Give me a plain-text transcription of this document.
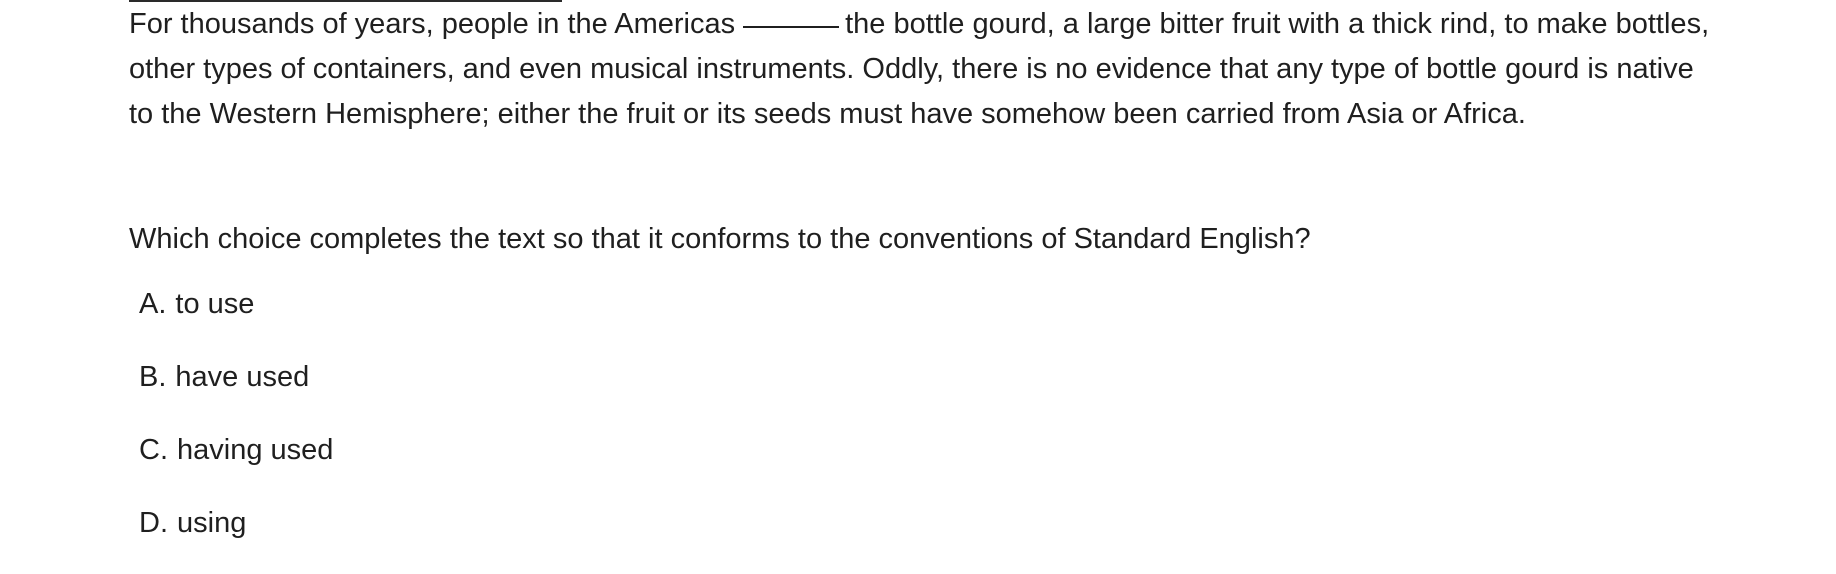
For thousands of years, people in the Americas	the bottle gourd, a large bitter fruit with a thick rind, to make bottles, other types of containers, and even musical instruments. Oddly, there is no evidence that any type of bottle gourd is native to the Western Hemisphere; either the fruit or its seeds must have somehow been carried from Asia or Africa.

Which choice completes the text so that it conforms to the conventions of Standard English?

A . to use
B . have used
C . having used
D . using
